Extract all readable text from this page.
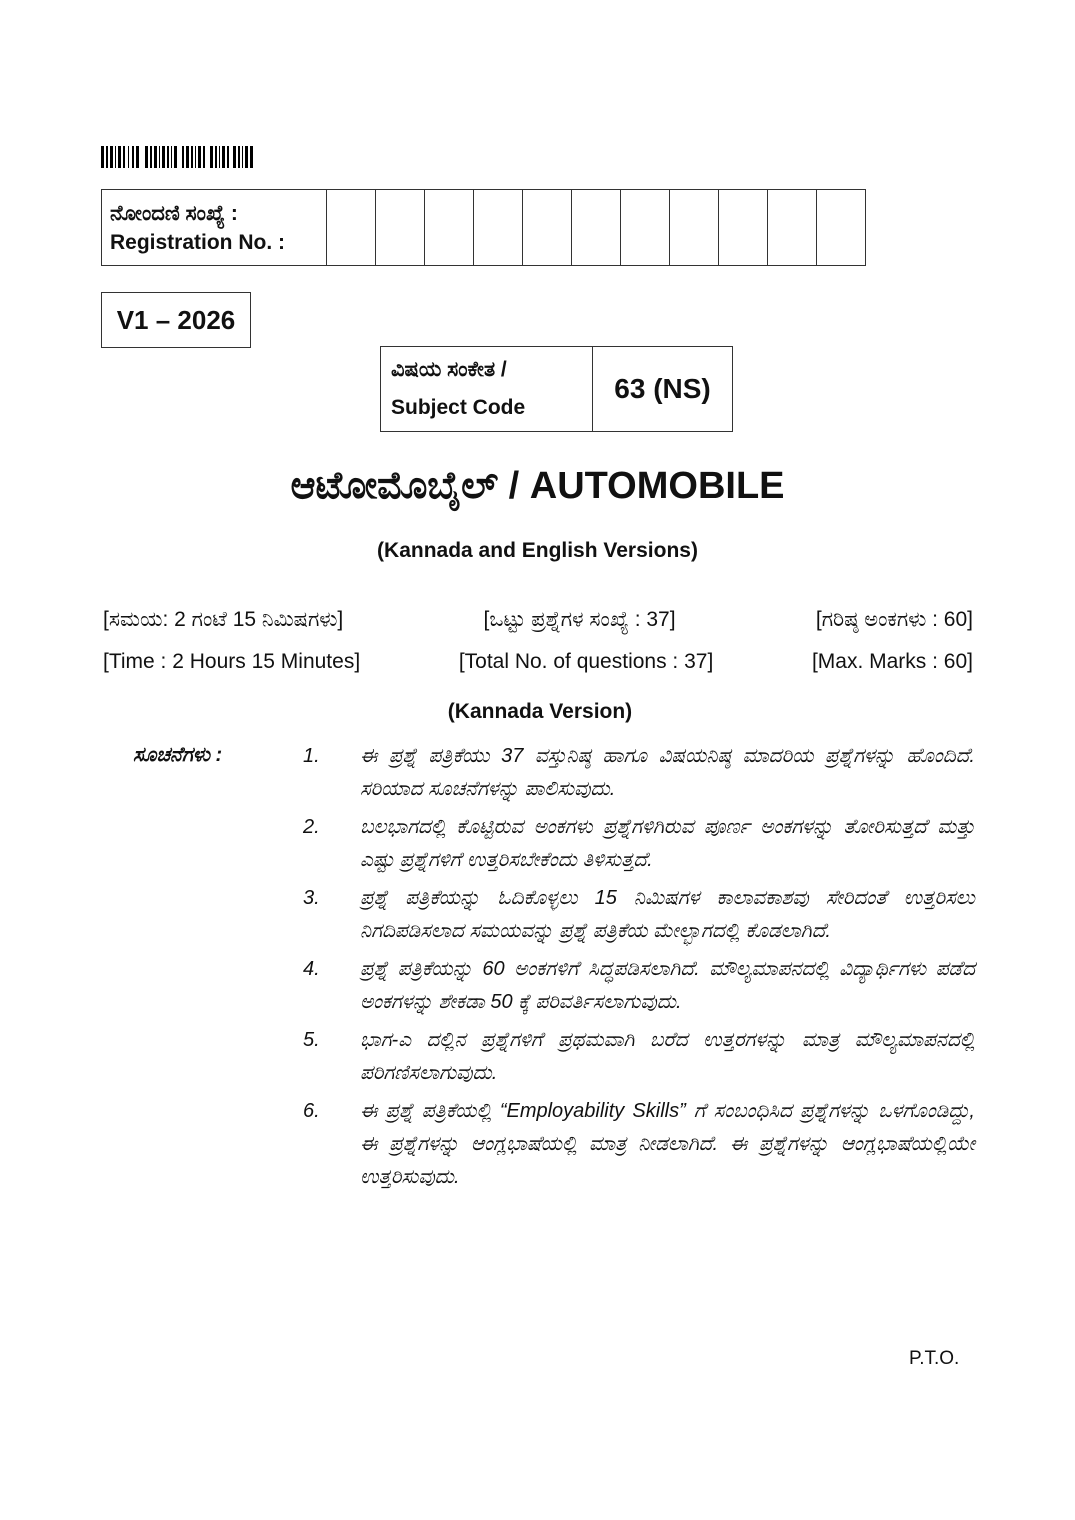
ನೋಂದಣಿ ಸಂಖ್ಯೆ :
Registration No. :

V1 – 2026
ವಿಷಯ ಸಂಕೇತ /
Subject Code
	63 (NS)
ಆಟೋಮೊಬೈಲ್ / AUTOMOBILE
(Kannada and English Versions)
[ಸಮಯ: 2 ಗಂಟೆ 15 ನಿಮಿಷಗಳು]	[ಒಟ್ಟು ಪ್ರಶ್ನೆಗಳ ಸಂಖ್ಯೆ : 37]	[ಗರಿಷ್ಠ ಅಂಕಗಳು : 60]
[Time : 2 Hours 15 Minutes]	[Total No. of questions : 37]	[Max. Marks : 60]
(Kannada Version)
ಸೂಚನೆಗಳು :	1.	ಈ ಪ್ರಶ್ನೆ ಪತ್ರಿಕೆಯು 37 ವಸ್ತುನಿಷ್ಠ ಹಾಗೂ ವಿಷಯನಿಷ್ಠ ಮಾದರಿಯ ಪ್ರಶ್ನೆಗಳನ್ನು ಹೊಂದಿದೆ. ಸರಿಯಾದ ಸೂಚನೆಗಳನ್ನು ಪಾಲಿಸುವುದು.
2.	ಬಲಭಾಗದಲ್ಲಿ ಕೊಟ್ಟಿರುವ ಅಂಕಗಳು ಪ್ರಶ್ನೆಗಳಿಗಿರುವ ಪೂರ್ಣ ಅಂಕಗಳನ್ನು ತೋರಿಸುತ್ತದೆ ಮತ್ತು ಎಷ್ಟು ಪ್ರಶ್ನೆಗಳಿಗೆ ಉತ್ತರಿಸಬೇಕೆಂದು ತಿಳಿಸುತ್ತದೆ.
3.	ಪ್ರಶ್ನೆ ಪತ್ರಿಕೆಯನ್ನು ಓದಿಕೊಳ್ಳಲು 15 ನಿಮಿಷಗಳ ಕಾಲಾವಕಾಶವು ಸೇರಿದಂತೆ ಉತ್ತರಿಸಲು ನಿಗದಿಪಡಿಸಲಾದ ಸಮಯವನ್ನು ಪ್ರಶ್ನೆ ಪತ್ರಿಕೆಯ ಮೇಲ್ಭಾಗದಲ್ಲಿ ಕೊಡಲಾಗಿದೆ.
4.	ಪ್ರಶ್ನೆ ಪತ್ರಿಕೆಯನ್ನು 60 ಅಂಕಗಳಿಗೆ ಸಿದ್ಧಪಡಿಸಲಾಗಿದೆ. ಮೌಲ್ಯಮಾಪನದಲ್ಲಿ ವಿದ್ಯಾರ್ಥಿಗಳು ಪಡೆದ ಅಂಕಗಳನ್ನು ಶೇಕಡಾ 50 ಕ್ಕೆ ಪರಿವರ್ತಿಸಲಾಗುವುದು.
5.	ಭಾಗ-ಎ ದಲ್ಲಿನ ಪ್ರಶ್ನೆಗಳಿಗೆ ಪ್ರಥಮವಾಗಿ ಬರೆದ ಉತ್ತರಗಳನ್ನು ಮಾತ್ರ ಮೌಲ್ಯಮಾಪನದಲ್ಲಿ ಪರಿಗಣಿಸಲಾಗುವುದು.
6.	ಈ ಪ್ರಶ್ನೆ ಪತ್ರಿಕೆಯಲ್ಲಿ “Employability Skills” ಗೆ ಸಂಬಂಧಿಸಿದ ಪ್ರಶ್ನೆಗಳನ್ನು ಒಳಗೊಂಡಿದ್ದು, ಈ ಪ್ರಶ್ನೆಗಳನ್ನು ಆಂಗ್ಲಭಾಷೆಯಲ್ಲಿ ಮಾತ್ರ ನೀಡಲಾಗಿದೆ. ಈ ಪ್ರಶ್ನೆಗಳನ್ನು ಆಂಗ್ಲಭಾಷೆಯಲ್ಲಿಯೇ ಉತ್ತರಿಸುವುದು.
P.T.O.
